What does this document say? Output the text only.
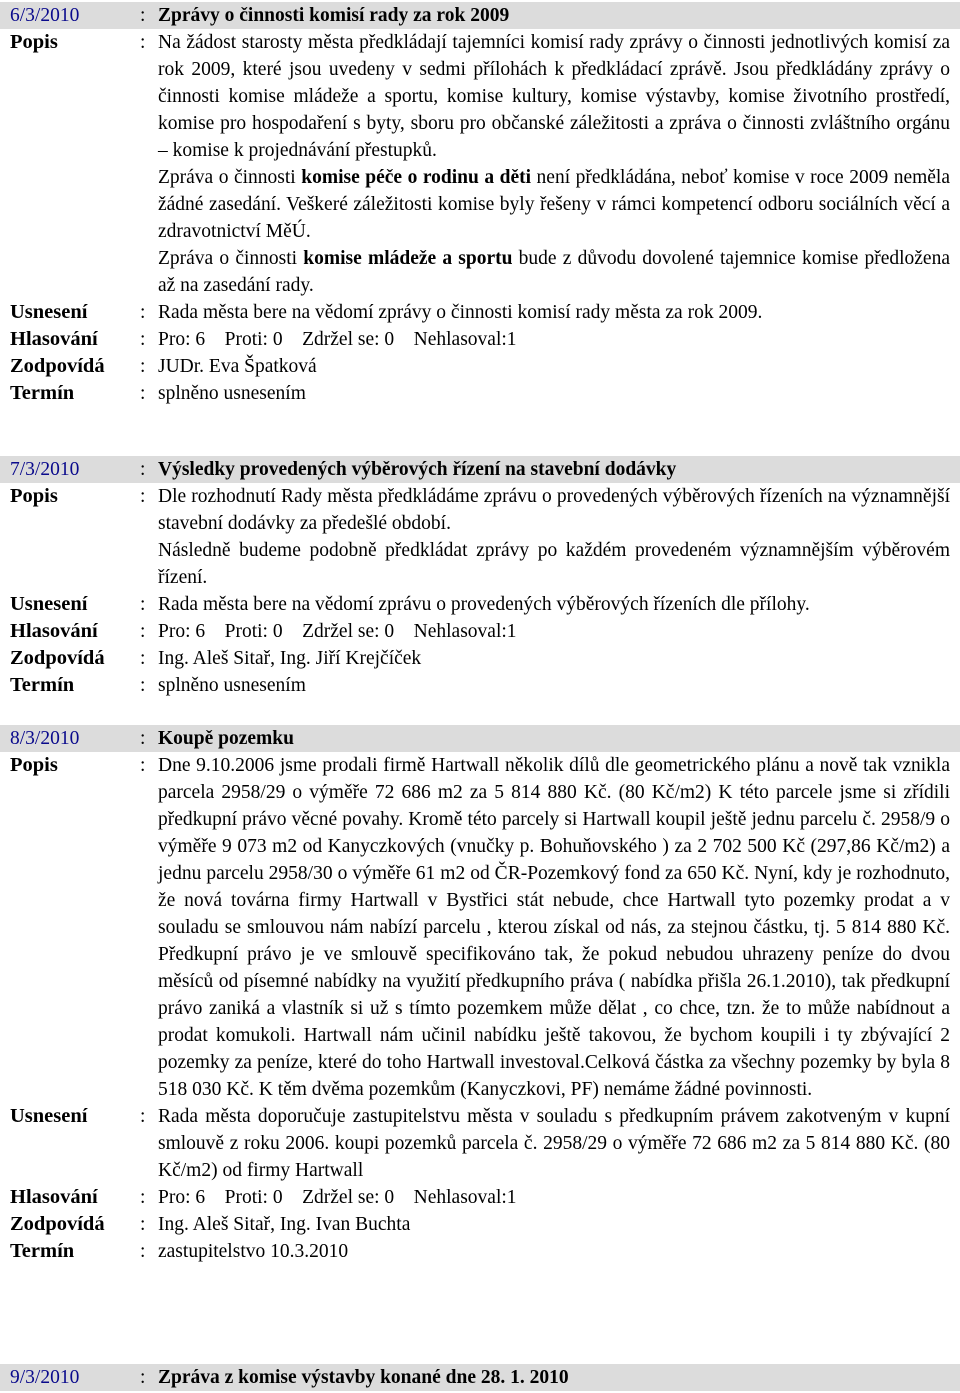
6/3/2010	: Zprávy o činnosti komisí rady za rok 2009
Popis	: Na žádost starosty města předkládají tajemníci komisí rady zprávy o činnosti jednotlivých komisí za rok 2009, které jsou uvedeny v sedmi přílohách k předkládací zprávě. Jsou předkládány zprávy o činnosti komise mládeže a sportu, komise kultury, komise výstavby, komise životního prostředí, komise pro hospodaření s byty, sboru pro občanské záležitosti a zpráva o činnosti zvláštního orgánu – komise k projednávání přestupků.

Zpráva o činnosti komise péče o rodinu a děti není předkládána, neboť komise v roce 2009 neměla žádné zasedání. Veškeré záležitosti komise byly řešeny v rámci kompetencí odboru sociálních věcí a zdravotnictví MěÚ.

Zpráva o činnosti komise mládeže a sportu bude z důvodu dovolené tajemnice komise předložena až na zasedání rady.

Usnesení	: Rada města bere na vědomí zprávy o činnosti komisí rady města za rok 2009.
Hlasování	: Pro: 6    Proti: 0    Zdržel se: 0    Nehlasoval:1
Zodpovídá	: JUDr. Eva Špatková
Termín	: splněno usnesením
7/3/2010	: Výsledky provedených výběrových řízení na stavební dodávky
Popis	: Dle rozhodnutí Rady města předkládáme zprávu o provedených výběrových řízeních na významnější stavební dodávky za předešlé období.

Následně budeme podobně předkládat zprávy po každém provedeném významnějším výběrovém řízení.

Usnesení	: Rada města bere na vědomí zprávu o provedených výběrových řízeních dle přílohy.
Hlasování	: Pro: 6    Proti: 0    Zdržel se: 0    Nehlasoval:1
Zodpovídá	: Ing. Aleš Sitař, Ing. Jiří Krejčíček
Termín	: splněno usnesením
8/3/2010	: Koupě pozemku
Popis	: Dne 9.10.2006 jsme prodali firmě Hartwall několik dílů dle geometrického plánu a nově tak vznikla parcela 2958/29 o výměře 72 686 m2 za 5 814 880 Kč. (80 Kč/m2) K této parcele jsme si zřídili předkupní právo věcné povahy. Kromě této parcely si Hartwall koupil ještě jednu parcelu č. 2958/9 o výměře 9 073 m2 od Kanyczkových (vnučky p. Bohuňovského ) za 2 702 500 Kč (297,86 Kč/m2) a jednu parcelu 2958/30 o výměře 61 m2 od ČR-Pozemkový fond za 650 Kč. Nyní, kdy je rozhodnuto, že nová továrna firmy Hartwall v Bystřici stát nebude, chce Hartwall tyto pozemky prodat a v souladu se smlouvou nám nabízí parcelu , kterou získal od nás, za stejnou částku, tj. 5 814 880 Kč. Předkupní právo je ve smlouvě specifikováno tak, že pokud nebudou uhrazeny peníze do dvou měsíců od písemné nabídky na využití předkupního práva ( nabídka přišla 26.1.2010), tak předkupní právo zaniká a vlastník si už s tímto pozemkem může dělat , co chce, tzn. že to může nabídnout a prodat komukoli. Hartwall nám učinil nabídku ještě takovou, že bychom koupili i ty zbývající 2 pozemky za peníze, které do toho Hartwall investoval.Celková částka za všechny pozemky by byla 8 518 030 Kč. K těm dvěma pozemkům (Kanyczkovi, PF) nemáme žádné povinnosti.

Usnesení	: Rada města doporučuje zastupitelstvu města v souladu s předkupním právem zakotveným v kupní smlouvě z roku 2006. koupi pozemků parcela č. 2958/29 o výměře 72 686 m2 za 5 814 880 Kč. (80 Kč/m2) od firmy Hartwall
Hlasování	: Pro: 6    Proti: 0    Zdržel se: 0    Nehlasoval:1
Zodpovídá	: Ing. Aleš Sitař, Ing. Ivan Buchta
Termín	: zastupitelstvo 10.3.2010
9/3/2010	: Zpráva z komise výstavby konané dne 28. 1. 2010
